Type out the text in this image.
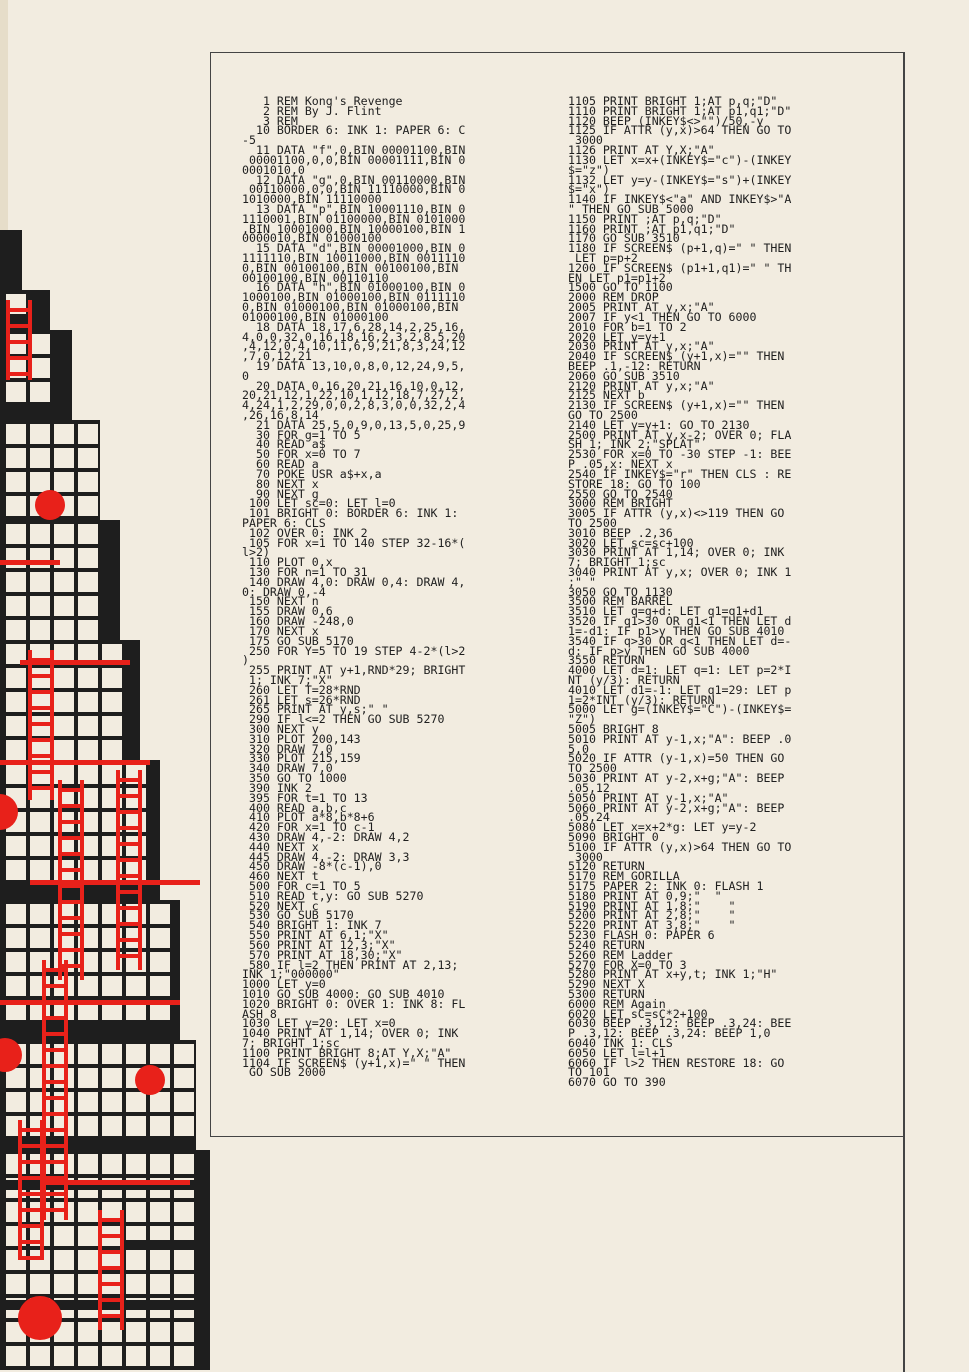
1 REM Kong's Revenge
2 REM By J. Flint
3 REM
10 BORDER 6: INK 1: PAPER 6: C
-5
11 DATA "f",0,BIN 00001100,BIN
00001100,0,0,BIN 00001111,BIN 0
0001010,0
12 DATA "g",0,BIN 00110000,BIN
00110000,0,0,BIN 11110000,BIN 0
1010000,BIN 11110000
13 DATA "p",BIN 10001110,BIN 0
1110001,BIN 01100000,BIN 0101000
,BIN 10001000,BIN 10000100,BIN 1
0000010,BIN 01000100
15 DATA "d",BIN 00001000,BIN 0
1111110,BIN 10011000,BIN 0011110
0,BIN 00100100,BIN 00100100,BIN
00100100,BIN 00110110
16 DATA "h",BIN 01000100,BIN 0
1000100,BIN 01000100,BIN 0111110
0,BIN 01000100,BIN 01000100,BIN
01000100,BIN 01000100
18 DATA 18,17,6,28,14,2,25,16,
4,0,0,32,0,16,18,16,2,3,2,8,5,20
,4,12,0,4,10,11,6,9,21,8,3,24,12
,7,0,12,21
19 DATA 13,10,0,8,0,12,24,9,5,
0
20 DATA 0,16,20,21,16,10,0,12,
20,21,12,1,22,10,1,12,18,7,27,2,
4,24,1,2,29,0,0,2,8,3,0,0,32,2,4
,26,16,8,14
21 DATA 25,5,0,9,0,13,5,0,25,9
30 FOR g=1 TO 5
40 READ a$
50 FOR x=0 TO 7
60 READ a
70 POKE USR a$+x,a
80 NEXT x
90 NEXT g
100 LET sc=0: LET l=0
101 BRIGHT 0: BORDER 6: INK 1:
PAPER 6: CLS
102 OVER 0: INK 2
105 FOR x=1 TO 140 STEP 32-16*(
l>2)
110 PLOT 0,x
130 FOR n=1 TO 31
140 DRAW 4,0: DRAW 0,4: DRAW 4,
0: DRAW 0,-4
150 NEXT n
155 DRAW 0,6
160 DRAW -248,0
170 NEXT x
175 GO SUB 5170
250 FOR Y=5 TO 19 STEP 4-2*(l>2
)
255 PRINT AT y+1,RND*29; BRIGHT
1; INK 7;"X"
260 LET T=28*RND
261 LET s=26*RND
265 PRINT AT y,s;" "
290 IF l<=2 THEN GO SUB 5270
300 NEXT y
310 PLOT 200,143
320 DRAW 7,0
330 PLOT 215,159
340 DRAW 7,0
350 GO TO 1000
390 INK 2
395 FOR t=1 TO 13
400 READ a,b,c
410 PLOT a*8,b*8+6
420 FOR x=1 TO c-1
430 DRAW 4,-2: DRAW 4,2
440 NEXT x
445 DRAW 4,-2: DRAW 3,3
450 DRAW -8*(c-1),0
460 NEXT t
500 FOR c=1 TO 5
510 READ t,y: GO SUB 5270
520 NEXT c
530 GO SUB 5170
540 BRIGHT 1: INK 7
550 PRINT AT 6,1;"X"
560 PRINT AT 12,3;"X"
570 PRINT AT 18,30;"X"
580 IF l=2 THEN PRINT AT 2,13;
INK 1;"000000"
1000 LET y=0
1010 GO SUB 4000: GO SUB 4010
1020 BRIGHT 0: OVER 1: INK 8: FL
ASH 8
1030 LET y=20: LET x=0
1040 PRINT AT 1,14; OVER 0; INK
7; BRIGHT 1;sc
1100 PRINT BRIGHT 8;AT Y,X;"A"
1104 IF SCREEN$ (y+1,x)=" " THEN
GO SUB 2000
1105 PRINT BRIGHT 1;AT p,q;"D"
1110 PRINT BRIGHT 1;AT p1,q1;"D"
1120 BEEP (INKEY$<>"")/50,-y
1125 IF ATTR (y,x)>64 THEN GO TO
3000
1126 PRINT AT Y,X;"A"
1130 LET x=x+(INKEY$="c")-(INKEY
$="z")
1132 LET y=y-(INKEY$="s")+(INKEY
$="x")
1140 IF INKEY$<"a" AND INKEY$>"A
" THEN GO SUB 5000
1150 PRINT ;AT p,q;"D"
1160 PRINT ;AT p1,q1;"D"
1170 GO SUB 3510
1180 IF SCREEN$ (p+1,q)=" " THEN
LET p=p+2
1200 IF SCREEN$ (p1+1,q1)=" " TH
EN LET p1=p1+2
1500 GO TO 1100
2000 REM DROP
2005 PRINT AT y,x;"A"
2007 IF y<1 THEN GO TO 6000
2010 FOR b=1 TO 2
2020 LET y=y+1
2030 PRINT AT y,x;"A"
2040 IF SCREEN$ (y+1,x)="" THEN
BEEP .1,-12: RETURN
2060 GO SUB 3510
2120 PRINT AT y,x;"A"
2125 NEXT b
2130 IF SCREEN$ (y+1,x)="" THEN
GO TO 2500
2140 LET y=y+1: GO TO 2130
2500 PRINT AT y,x-2; OVER 0; FLA
SH 1; INK 2;"SPLAT"
2530 FOR x=0 TO -30 STEP -1: BEE
P .05,x: NEXT x
2540 IF INKEY$="r" THEN CLS : RE
STORE 18: GO TO 100
2550 GO TO 2540
3000 REM BRIGHT
3005 IF ATTR (y,x)<>119 THEN GO
TO 2500
3010 BEEP .2,36
3020 LET sc=sc+100
3030 PRINT AT 1,14; OVER 0; INK
7; BRIGHT 1;sc
3040 PRINT AT y,x; OVER 0; INK 1
;" "
3050 GO TO 1130
3500 REM BARREL
3510 LET q=q+d: LET q1=q1+d1
3520 IF q1>30 OR q1<1 THEN LET d
1=-d1: IF p1>y THEN GO SUB 4010
3540 IF q>30 OR q<1 THEN LET d=-
d: IF p>y THEN GO SUB 4000
3550 RETURN
4000 LET d=1: LET q=1: LET p=2*I
NT (y/3): RETURN
4010 LET d1=-1: LET q1=29: LET p
1=2*INT (y/3): RETURN
5000 LET g=(INKEY$="C")-(INKEY$=
"Z")
5005 BRIGHT 8
5010 PRINT AT y-1,x;"A": BEEP .0
5,0
5020 IF ATTR (y-1,x)=50 THEN GO
TO 2500
5030 PRINT AT y-2,x+g;"A": BEEP
.05,12
5050 PRINT AT y-1,x;"A"
5060 PRINT AT y-2,x+g;"A": BEEP
.05,24
5080 LET x=x+2*g: LET y=y-2
5090 BRIGHT 0
5100 IF ATTR (y,x)>64 THEN GO TO
3000
5120 RETURN
5170 REM GORILLA
5175 PAPER 2: INK 0: FLASH 1
5180 PRINT AT 0,9;"  "
5190 PRINT AT 1,8;"    "
5200 PRINT AT 2,8;"    "
5220 PRINT AT 3,8;"    "
5230 FLASH 0: PAPER 6
5240 RETURN
5260 REM Ladder
5270 FOR X=0 TO 3
5280 PRINT AT x+y,t; INK 1;"H"
5290 NEXT X
5300 RETURN
6000 REM Again
6020 LET sC=sC*2+100
6030 BEEP .3,12: BEEP .3,24: BEE
P .3,12: BEEP .3,24: BEEP 1,0
6040 INK 1: CLS
6050 LET l=l+1
6060 IF l>2 THEN RESTORE 18: GO
TO 101
6070 GO TO 390
